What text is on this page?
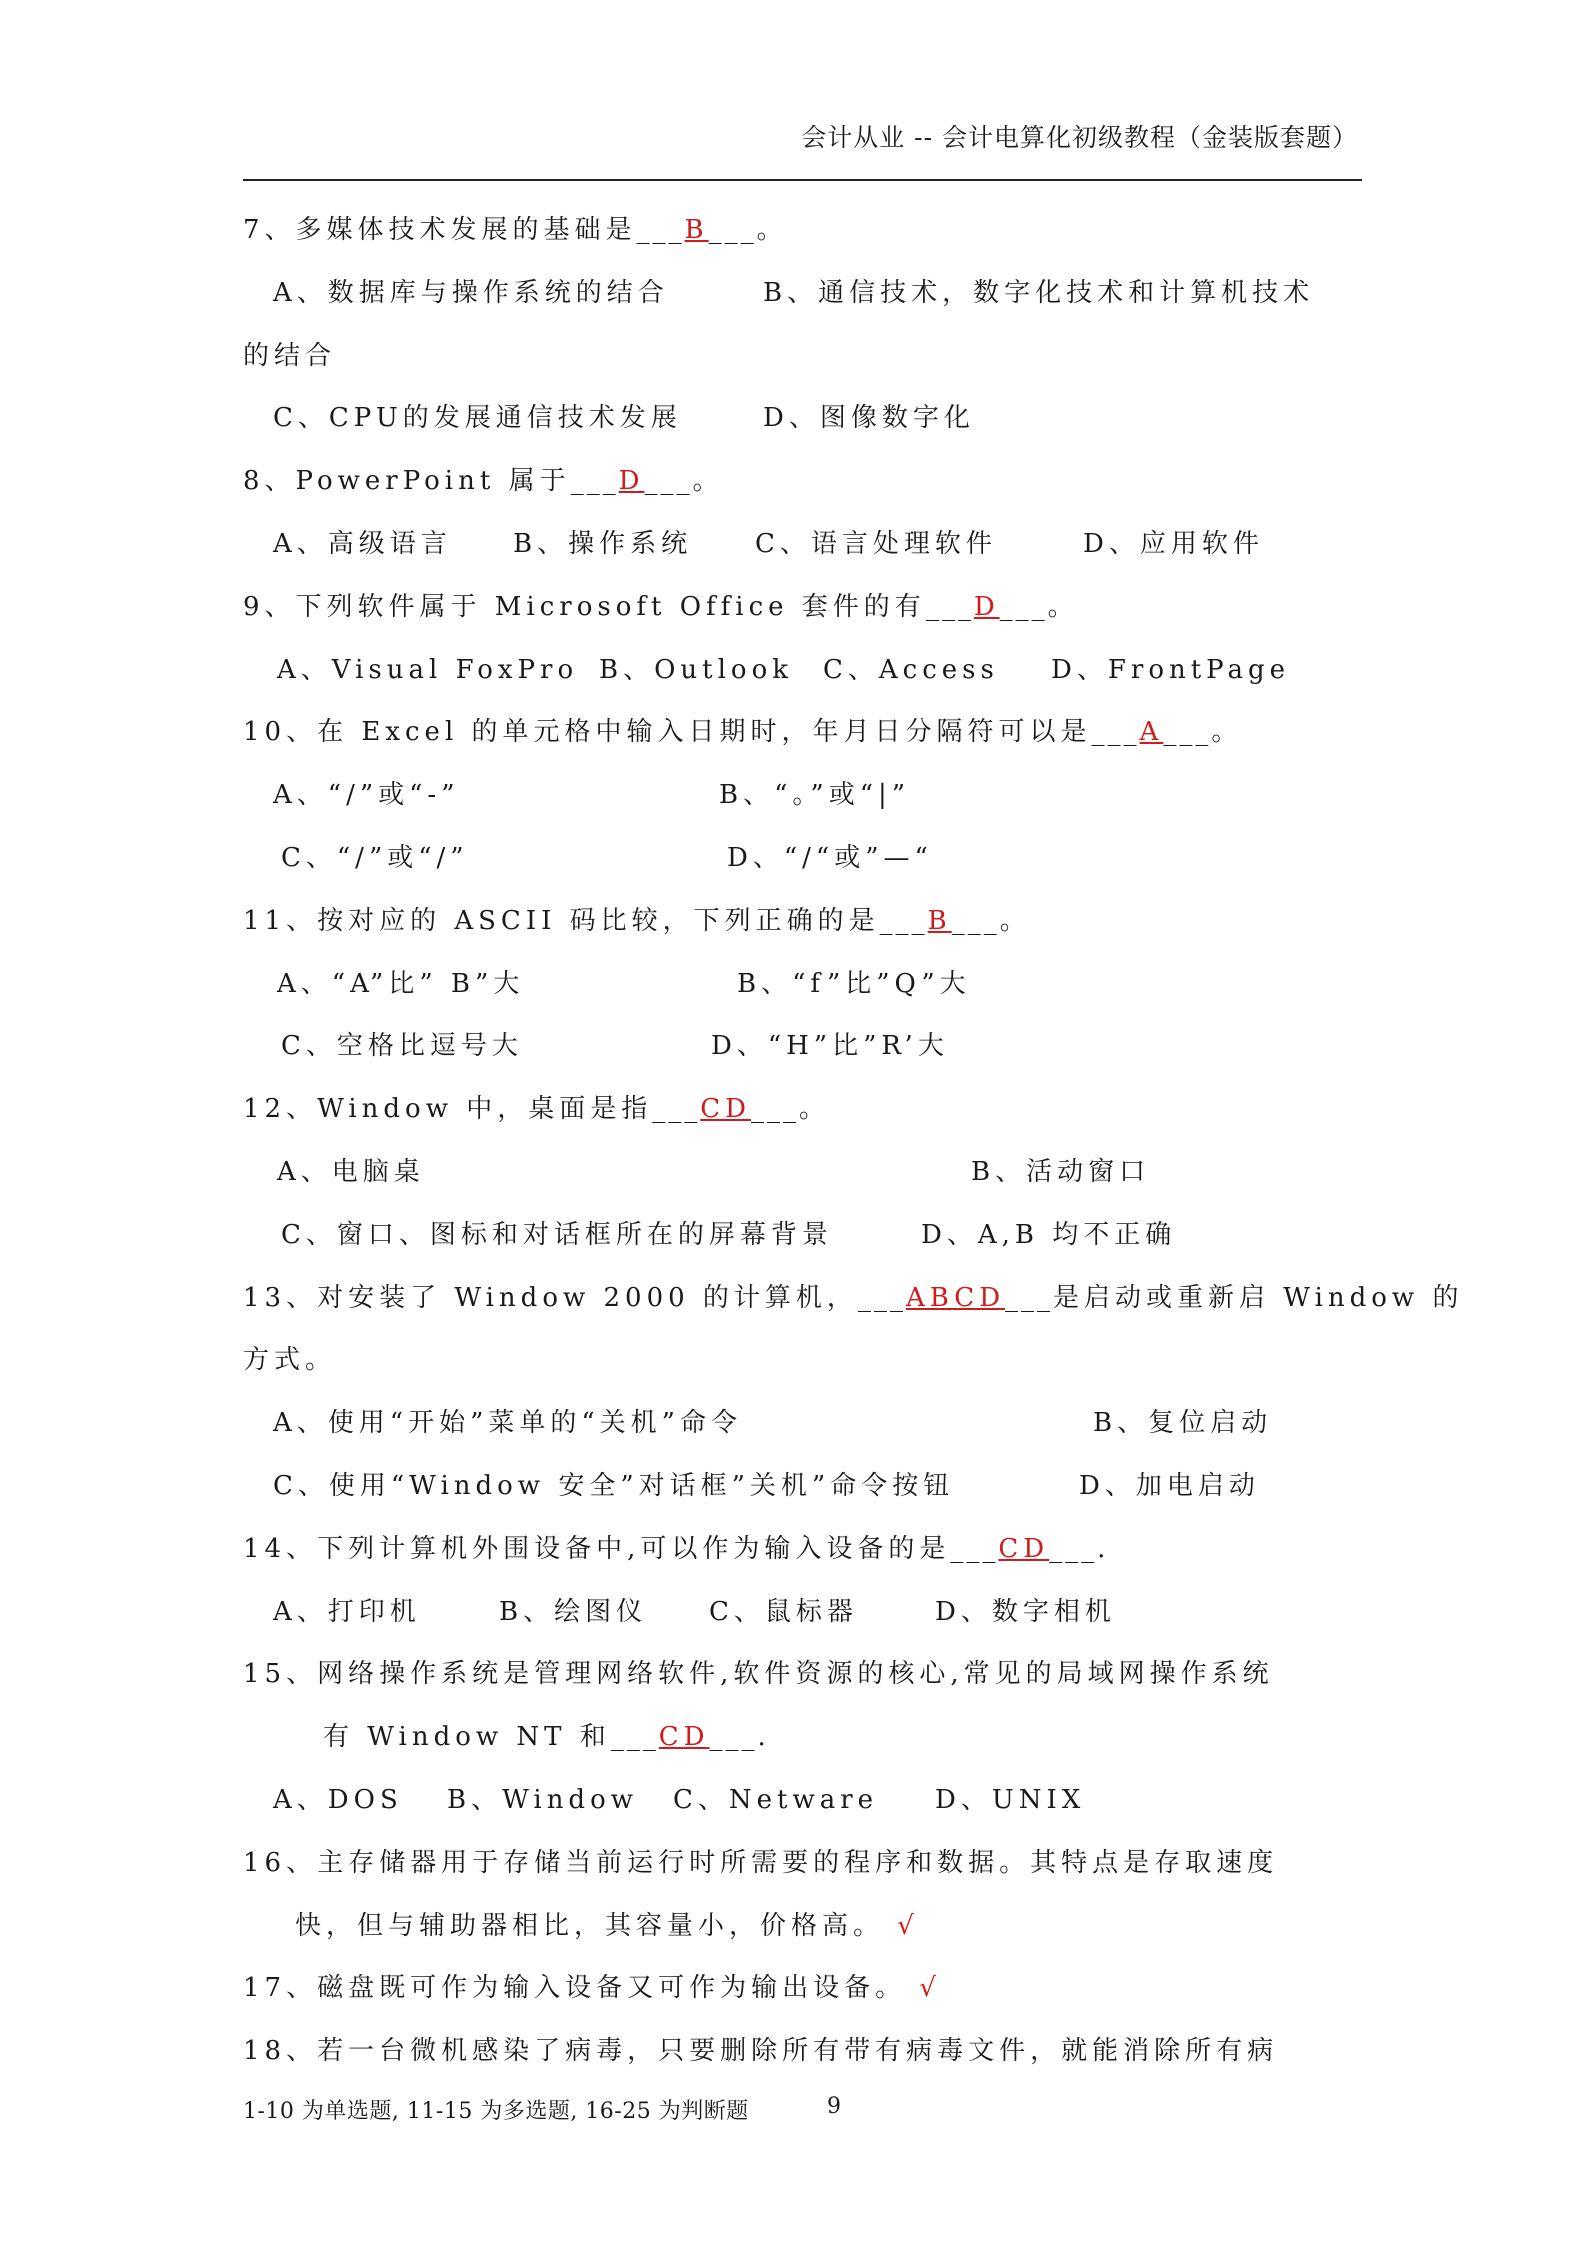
会计从业 -- 会计电算化初级教程（金装版套题）
7、多媒体技术发展的基础是___B___。
A、数据库与操作系统的结合	B、通信技术，数字化技术和计算机技术
的结合
C、CPU的发展通信技术发展	D、图像数字化
8、PowerPoint 属于___D___。
A、高级语言 B、操作系统 C、语言处理软件	D、应用软件
9、下列软件属于 Microsoft Office 套件的有___D___。
A、Visual FoxPro B、Outlook C、Access D、FrontPage
10、在 Excel 的单元格中输入日期时，年月日分隔符可以是___A___。
A、“/”或“-”	B、“。”或“|”
C、“/”或“/”	D、“/“或”—“
11、按对应的 ASCII 码比较，下列正确的是___B___。
A、“A”比” B”大	B、“f”比”Q”大
C、空格比逗号大	D、“H”比”R’大
12、Window 中，桌面是指___CD___。
A、电脑桌	B、活动窗口
C、窗口、图标和对话框所在的屏幕背景	D、A,B 均不正确
13、对安装了 Window 2000 的计算机，___ABCD___是启动或重新启 Window 的
方式。
A、使用“开始”菜单的“关机”命令	B、复位启动
C、使用“Window 安全”对话框”关机”命令按钮	D、加电启动
14、下列计算机外围设备中,可以作为输入设备的是___CD___.
A、打印机	B、绘图仪 C、鼠标器	D、数字相机
15、网络操作系统是管理网络软件,软件资源的核心,常见的局域网操作系统
有 Window NT 和___CD___.
A、DOS B、Window C、Netware D、UNIX
16、主存储器用于存储当前运行时所需要的程序和数据。其特点是存取速度
快，但与辅助器相比，其容量小，价格高。 √
17、磁盘既可作为输入设备又可作为输出设备。 √
18、若一台微机感染了病毒，只要删除所有带有病毒文件，就能消除所有病
1-10 为单选题, 11-15 为多选题, 16-25 为判断题	9
